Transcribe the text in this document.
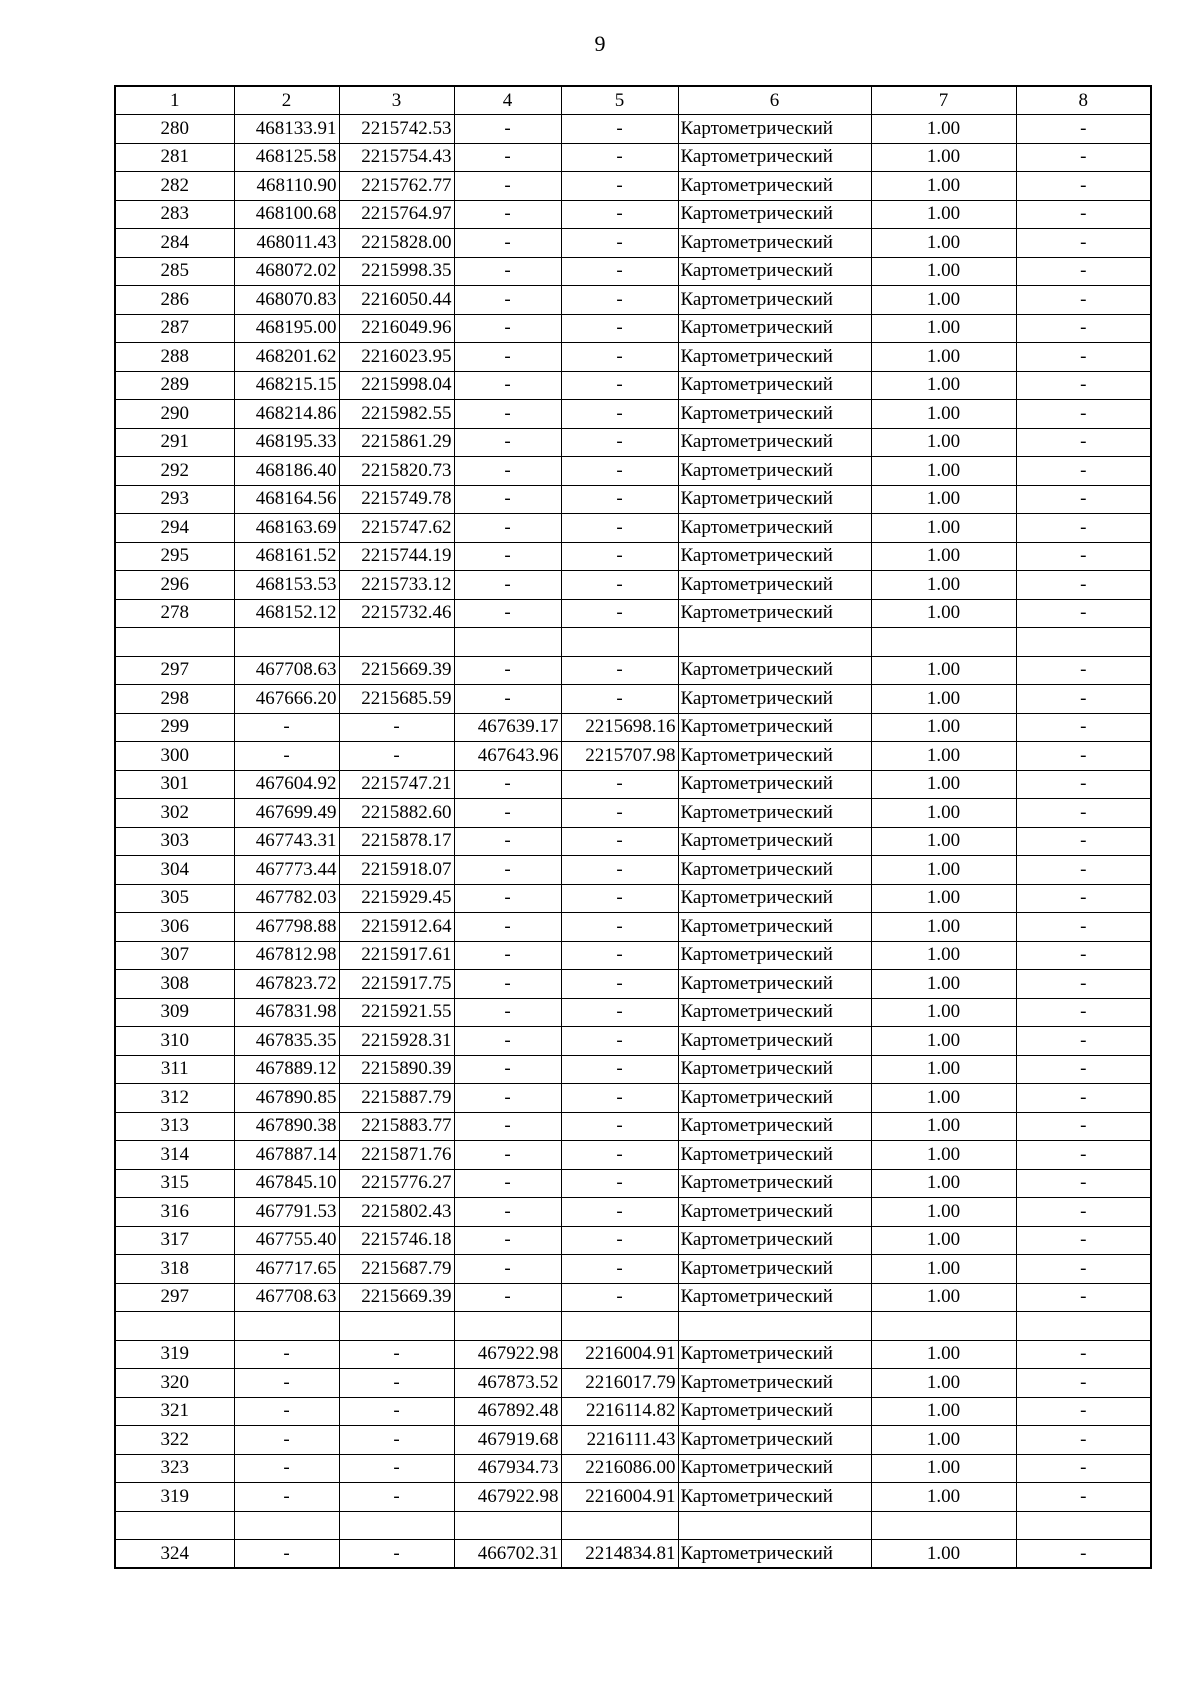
9
1	2	3	4	5	6	7	8
280	468133.91	2215742.53	-	-	Картометрический	1.00	-
281	468125.58	2215754.43	-	-	Картометрический	1.00	-
282	468110.90	2215762.77	-	-	Картометрический	1.00	-
283	468100.68	2215764.97	-	-	Картометрический	1.00	-
284	468011.43	2215828.00	-	-	Картометрический	1.00	-
285	468072.02	2215998.35	-	-	Картометрический	1.00	-
286	468070.83	2216050.44	-	-	Картометрический	1.00	-
287	468195.00	2216049.96	-	-	Картометрический	1.00	-
288	468201.62	2216023.95	-	-	Картометрический	1.00	-
289	468215.15	2215998.04	-	-	Картометрический	1.00	-
290	468214.86	2215982.55	-	-	Картометрический	1.00	-
291	468195.33	2215861.29	-	-	Картометрический	1.00	-
292	468186.40	2215820.73	-	-	Картометрический	1.00	-
293	468164.56	2215749.78	-	-	Картометрический	1.00	-
294	468163.69	2215747.62	-	-	Картометрический	1.00	-
295	468161.52	2215744.19	-	-	Картометрический	1.00	-
296	468153.53	2215733.12	-	-	Картометрический	1.00	-
278	468152.12	2215732.46	-	-	Картометрический	1.00	-

297	467708.63	2215669.39	-	-	Картометрический	1.00	-
298	467666.20	2215685.59	-	-	Картометрический	1.00	-
299	-	-	467639.17	2215698.16	Картометрический	1.00	-
300	-	-	467643.96	2215707.98	Картометрический	1.00	-
301	467604.92	2215747.21	-	-	Картометрический	1.00	-
302	467699.49	2215882.60	-	-	Картометрический	1.00	-
303	467743.31	2215878.17	-	-	Картометрический	1.00	-
304	467773.44	2215918.07	-	-	Картометрический	1.00	-
305	467782.03	2215929.45	-	-	Картометрический	1.00	-
306	467798.88	2215912.64	-	-	Картометрический	1.00	-
307	467812.98	2215917.61	-	-	Картометрический	1.00	-
308	467823.72	2215917.75	-	-	Картометрический	1.00	-
309	467831.98	2215921.55	-	-	Картометрический	1.00	-
310	467835.35	2215928.31	-	-	Картометрический	1.00	-
311	467889.12	2215890.39	-	-	Картометрический	1.00	-
312	467890.85	2215887.79	-	-	Картометрический	1.00	-
313	467890.38	2215883.77	-	-	Картометрический	1.00	-
314	467887.14	2215871.76	-	-	Картометрический	1.00	-
315	467845.10	2215776.27	-	-	Картометрический	1.00	-
316	467791.53	2215802.43	-	-	Картометрический	1.00	-
317	467755.40	2215746.18	-	-	Картометрический	1.00	-
318	467717.65	2215687.79	-	-	Картометрический	1.00	-
297	467708.63	2215669.39	-	-	Картометрический	1.00	-

319	-	-	467922.98	2216004.91	Картометрический	1.00	-
320	-	-	467873.52	2216017.79	Картометрический	1.00	-
321	-	-	467892.48	2216114.82	Картометрический	1.00	-
322	-	-	467919.68	2216111.43	Картометрический	1.00	-
323	-	-	467934.73	2216086.00	Картометрический	1.00	-
319	-	-	467922.98	2216004.91	Картометрический	1.00	-

324	-	-	466702.31	2214834.81	Картометрический	1.00	-
